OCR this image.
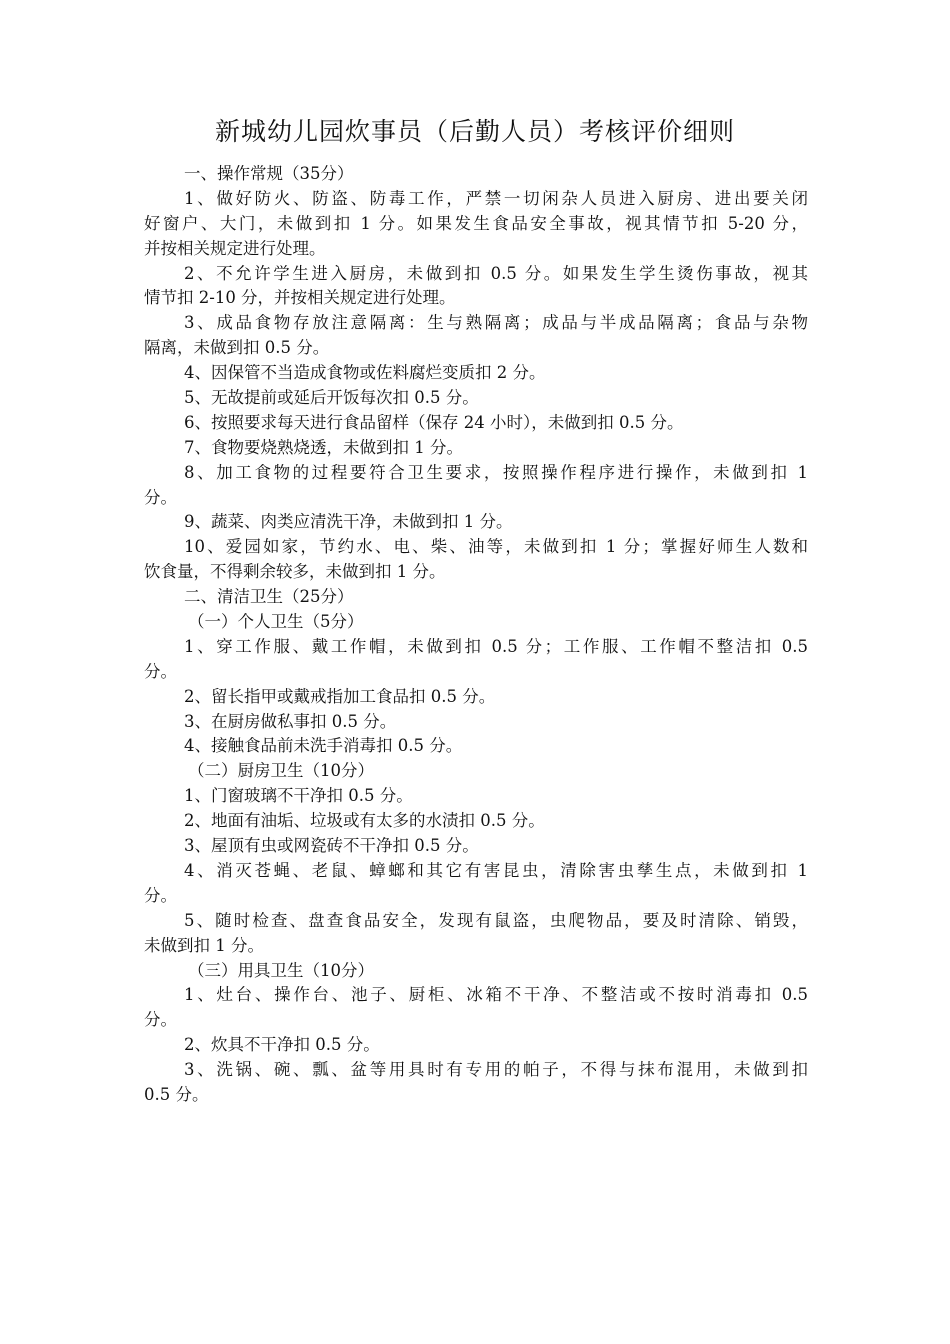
新城幼儿园炊事员（后勤人员）考核评价细则
一、操作常规（35分）
1、做好防火、防盗、防毒工作，严禁一切闲杂人员进入厨房、进出要关闭
好窗户、大门，未做到扣 1 分。如果发生食品安全事故，视其情节扣 5-20 分，
并按相关规定进行处理。
2、不允许学生进入厨房，未做到扣 0.5 分。如果发生学生烫伤事故，视其
情节扣 2-10 分，并按相关规定进行处理。
3、成品食物存放注意隔离：生与熟隔离；成品与半成品隔离；食品与杂物
隔离，未做到扣 0.5 分。
4、因保管不当造成食物或佐料腐烂变质扣 2 分。
5、无故提前或延后开饭每次扣 0.5 分。
6、按照要求每天进行食品留样（保存 24 小时），未做到扣 0.5 分。
7、食物要烧熟烧透，未做到扣 1 分。
8、加工食物的过程要符合卫生要求，按照操作程序进行操作，未做到扣 1
分。
9、蔬菜、肉类应清洗干净，未做到扣 1 分。
10、爱园如家，节约水、电、柴、油等，未做到扣 1 分；掌握好师生人数和
饮食量，不得剩余较多，未做到扣 1 分。
二、清洁卫生（25分）
（一）个人卫生（5分）
1、穿工作服、戴工作帽，未做到扣 0.5 分；工作服、工作帽不整洁扣 0.5
分。
2、留长指甲或戴戒指加工食品扣 0.5 分。
3、在厨房做私事扣 0.5 分。
4、接触食品前未洗手消毒扣 0.5 分。
（二）厨房卫生（10分）
1、门窗玻璃不干净扣 0.5 分。
2、地面有油垢、垃圾或有太多的水渍扣 0.5 分。
3、屋顶有虫或网瓷砖不干净扣 0.5 分。
4、消灭苍蝇、老鼠、蟑螂和其它有害昆虫，清除害虫孳生点，未做到扣 1
分。
5、随时检查、盘查食品安全，发现有鼠盗，虫爬物品，要及时清除、销毁，
未做到扣 1 分。
（三）用具卫生（10分）
1、灶台、操作台、池子、厨柜、冰箱不干净、不整洁或不按时消毒扣 0.5
分。
2、炊具不干净扣 0.5 分。
3、洗锅、碗、瓢、盆等用具时有专用的帕子，不得与抹布混用，未做到扣
0.5 分。
